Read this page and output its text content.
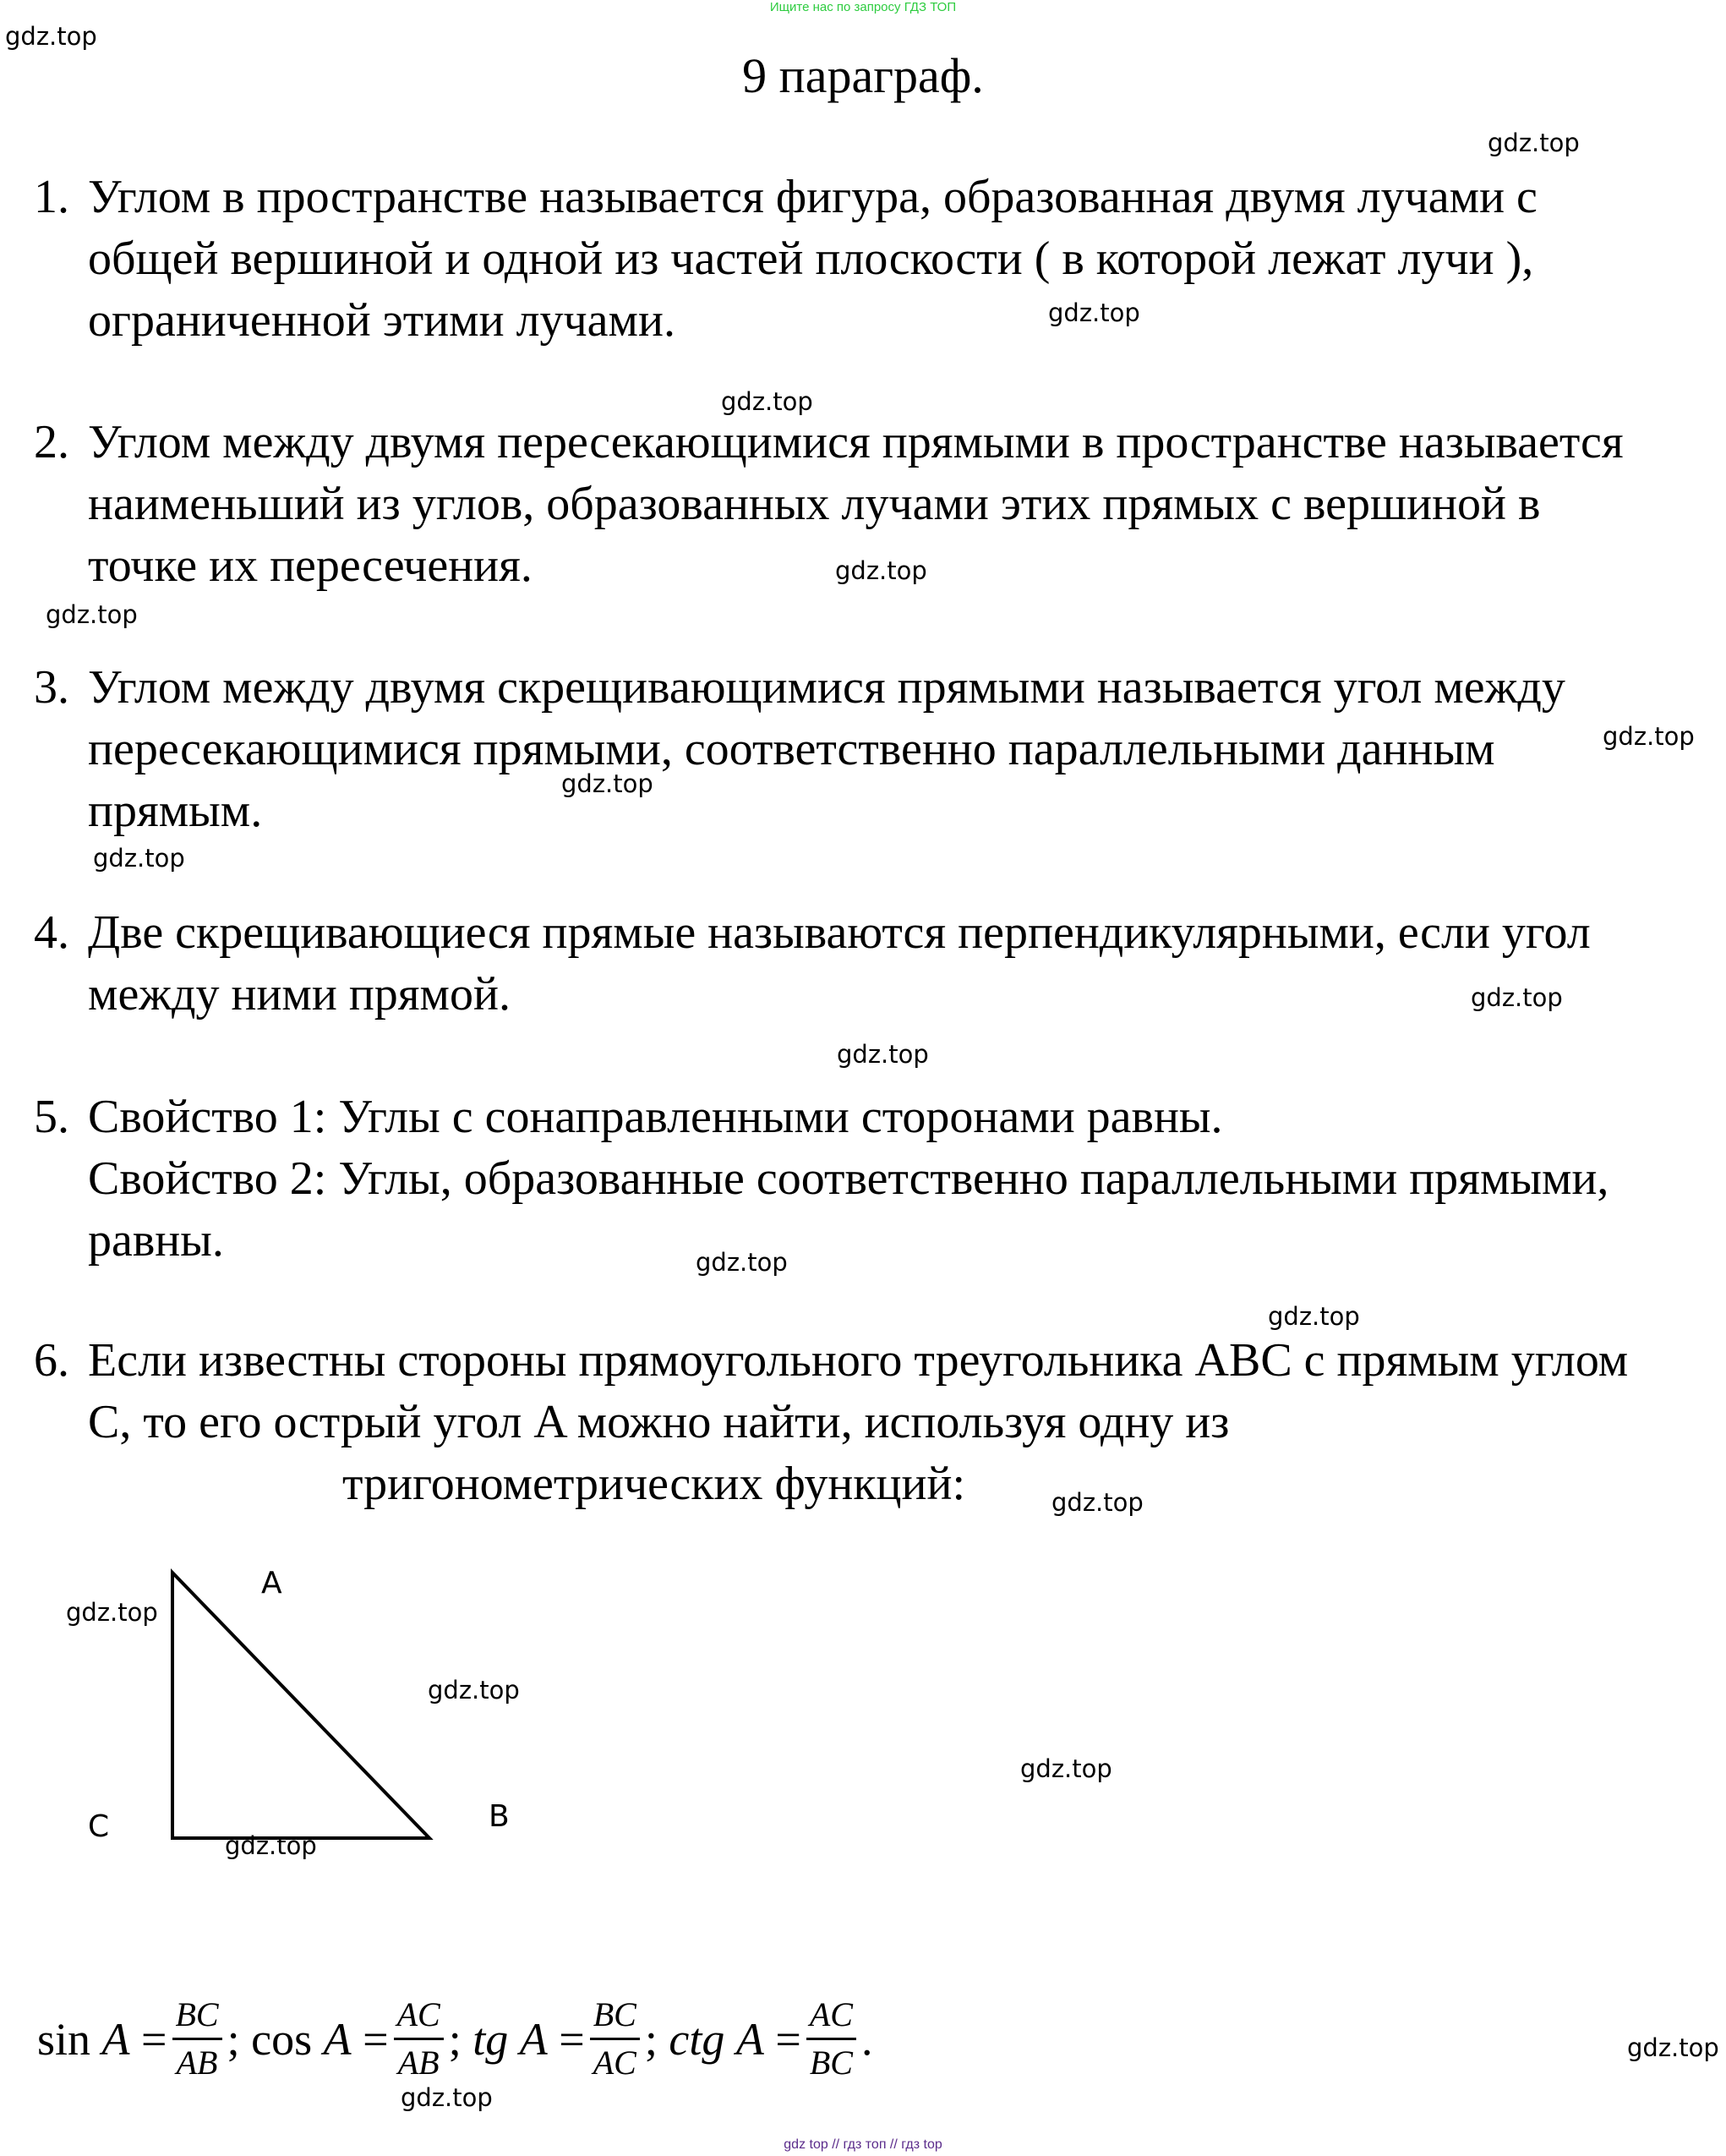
Ищите нас по запросу ГДЗ ТОП
gdz.top
gdz.top
gdz.top
gdz.top
gdz.top
gdz.top
gdz.top
gdz.top
gdz.top
gdz.top
gdz.top
gdz.top
gdz.top
gdz.top
gdz.top
gdz.top
gdz.top
gdz.top
gdz.top
gdz.top
9 параграф.
1. Углом в пространстве называется фигура, образованная двумя лучами с
общей вершиной и одной из частей плоскости ( в которой лежат лучи ),
ограниченной этими лучами.
2. Углом между двумя пересекающимися прямыми в пространстве называется
наименьший из углов, образованных лучами этих прямых с вершиной в
точке их пересечения.
3. Углом между двумя скрещивающимися прямыми называется угол между
пересекающимися прямыми, соответственно параллельными данным
прямым.
4. Две скрещивающиеся прямые называются перпендикулярными, если угол
между ними прямой.
5. Свойство 1: Углы с сонаправленными сторонами равны.
Свойство 2: Углы, образованные соответственно параллельными прямыми,
равны.
6. Если известны стороны прямоугольного треугольника ABC с прямым углом
C, то его острый угол A можно найти, используя одну из
тригонометрических функций:
A
B
C
sin
A
= $\frac{BC}{AB}$ ;
cos
A
= $\frac{AC}{AB}$ ;
tg
A
= $\frac{BC}{AC}$ ;
ctg
A
= $\frac{AC}{BC}$ .
gdz top // гдз топ // гдз top
